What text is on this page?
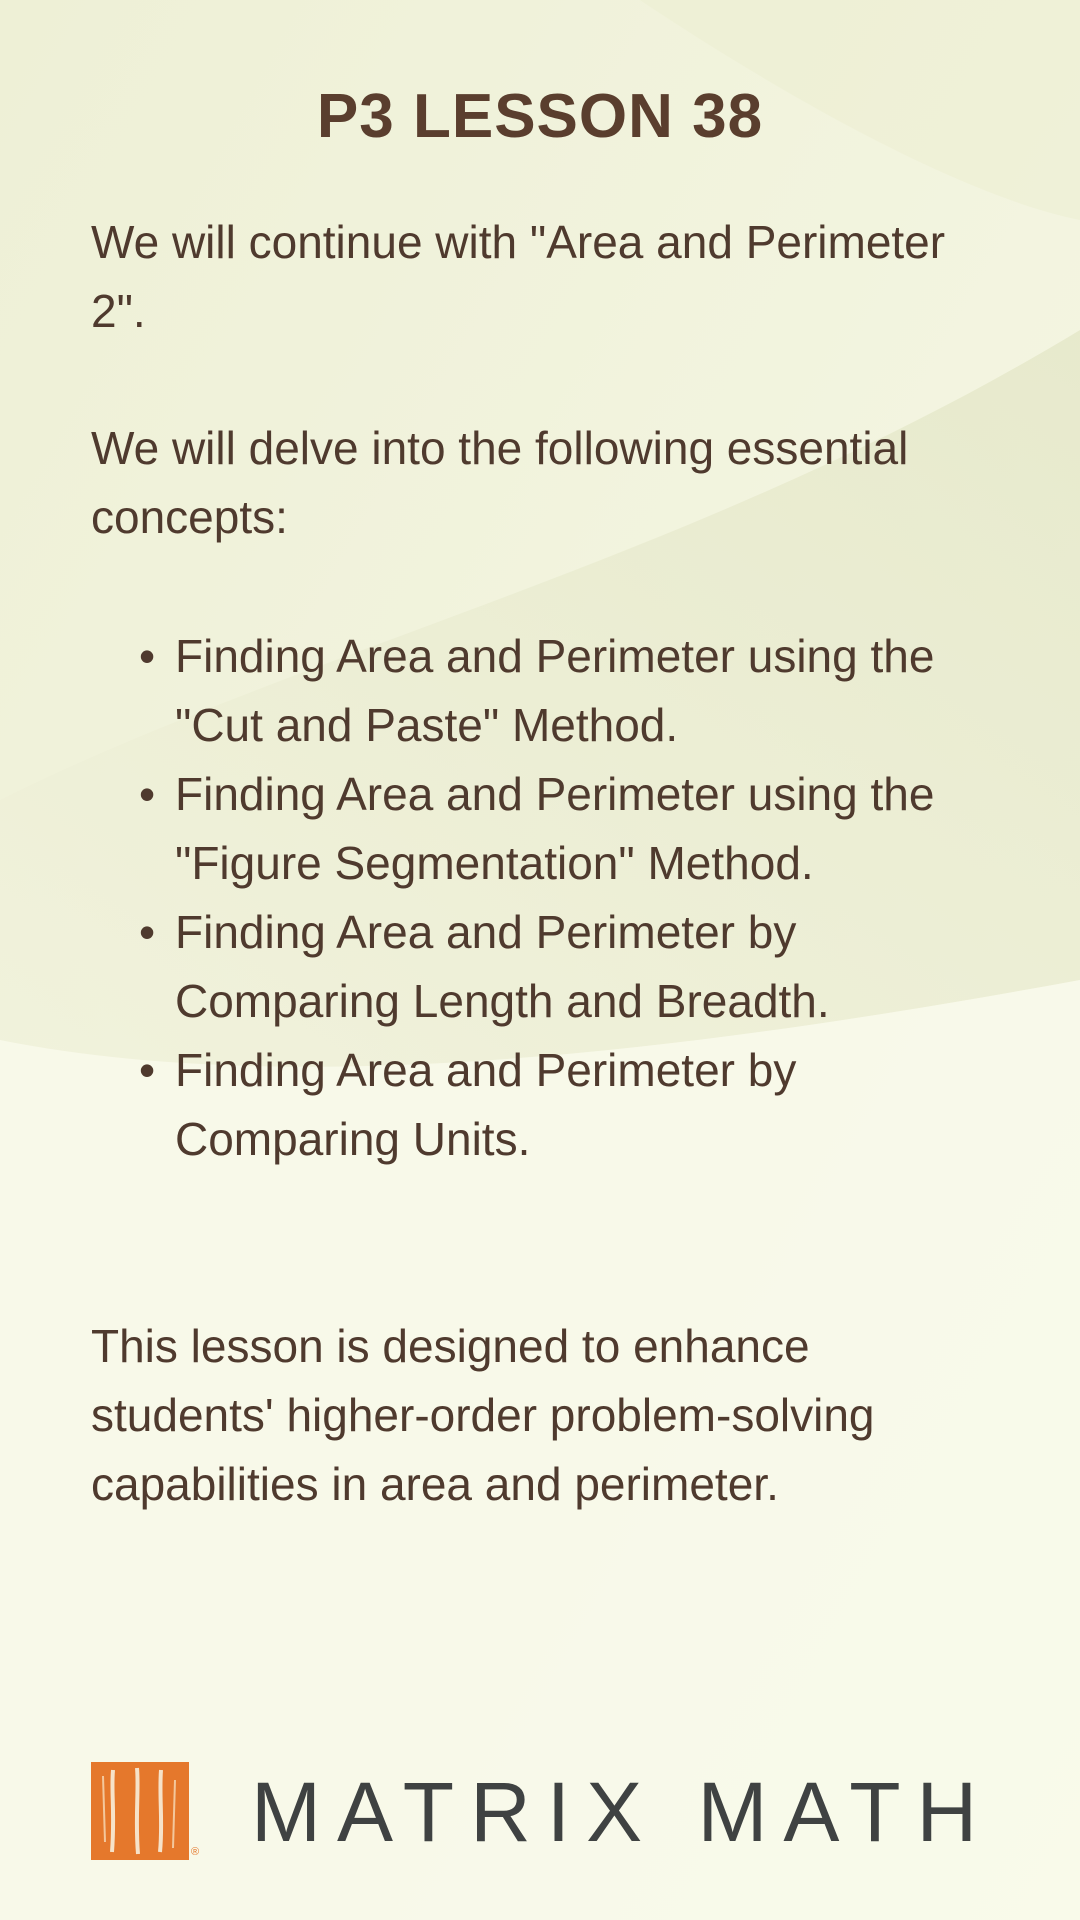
P3 LESSON 38

We will continue with "Area and Perimeter 2".

We will delve into the following essential concepts:

• Finding Area and Perimeter using the "Cut and Paste" Method.
• Finding Area and Perimeter using the "Figure Segmentation" Method.
• Finding Area and Perimeter by Comparing Length and Breadth.
• Finding Area and Perimeter by Comparing Units.

This lesson is designed to enhance students' higher-order problem-solving capabilities in area and perimeter.

® MATRIX MATH
